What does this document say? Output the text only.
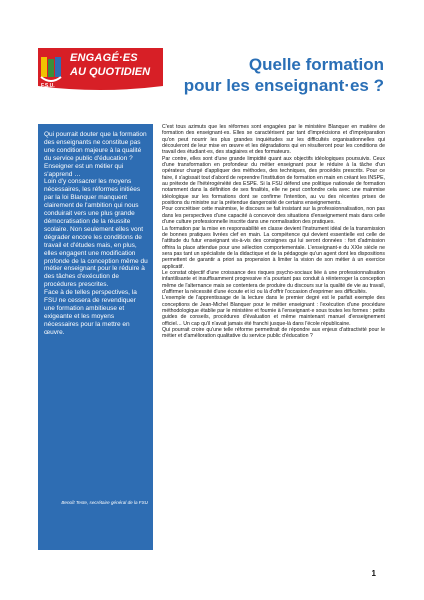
ENGAGÉ·ES
AU QUOTIDIEN
F.S.U.
Quelle formation
pour les enseignant·es ?

Qui pourrait douter que la formation des enseignants ne constitue pas une condition majeure à la qualité du service public d'éducation ?

Enseigner est un métier qui s'apprend …

Loin d'y consacrer les moyens nécessaires, les réformes initiées par la loi Blanquer manquent clairement de l'ambition qui nous conduirait vers une plus grande démocratisation de la réussite scolaire. Non seulement elles vont dégrader encore les conditions de travail et d'études mais, en plus, elles engagent une modification profonde de la conception même du métier enseignant pour le réduire à des tâches d'exécution de procédures prescrites.

Face à de telles perspectives, la FSU ne cessera de revendiquer une formation ambitieuse et exigeante et les moyens nécessaires pour la mettre en œuvre.

Benoît Teste, secrétaire général de la FSU

C'est tous azimuts que les réformes sont engagées par le ministère Blanquer en matière de formation des enseignant·es. Elles se caractérisent par tant d'imprécisions et d'impréparation qu'on peut nourrir les plus grandes inquiétudes sur les difficultés organisationnelles qui découleront de leur mise en œuvre et les dégradations qui en résulteront pour les conditions de travail des étudiant·es, des stagiaires et des formateurs.

Par contre, elles sont d'une grande limpidité quant aux objectifs idéologiques poursuivis. Ceux d'une transformation en profondeur du métier enseignant pour le réduire à la tâche d'un opérateur chargé d'appliquer des méthodes, des techniques, des procédés prescrits. Pour ce faire, il s'agissait tout d'abord de reprendre l'institution de formation en main en créant les INSPE, au prétexte de l'hétérogénéité des ESPE. Si la FSU défend une politique nationale de formation notamment dans la définition de ses finalités, elle ne peut confondre cela avec une mainmise idéologique sur les formations dont se confirme l'intention, au vu des récentes prises de positions du ministre sur la prétendue dangerosité de certains enseignements.

Pour concrétiser cette mainmise, le discours se fait insistant sur la professionnalisation, non pas dans les perspectives d'une capacité à concevoir des situations d'enseignement mais dans celle d'une culture professionnelle inscrite dans une normalisation des pratiques.

La formation par la mise en responsabilité en classe devient l'instrument idéal de la transmission de bonnes pratiques livrées clef en main. La compétence qui devient essentielle est celle de l'attitude du futur enseignant vis-à-vis des consignes qui lui seront données : fort d'admission offrira la place attendue pour une sélection comportementale. L'enseignant·e du XXIe siècle ne sera pas tant un spécialiste de la didactique et de la pédagogie qu'un agent dont les dispositions permettent de garantir a priori sa propension à limiter la vision de son métier à un exercice applicatif.

Le constat objectif d'une croissance des risques psycho-sociaux liée à une professionnalisation infantilisante et insuffisamment progressive n'a pourtant pas conduit à réinterroger la conception même de l'alternance mais se contentera de produire du discours sur la qualité de vie au travail, d'affirmer la nécessité d'une écoute et ici ou là d'offrir l'occasion d'exprimer ses difficultés.

L'exemple de l'apprentissage de la lecture dans le premier degré est le parfait exemple des conceptions de Jean-Michel Blanquer pour le métier enseignant : l'exécution d'une procédure méthodologique établie par le ministère et fournie à l'enseignant·e sous toutes les formes : petits guides de conseils, procédures d'évaluation et même maintenant manuel d'enseignement officiel… Un cap qu'il n'avait jamais été franchi jusque-là dans l'école républicaine.

Qui pourrait croire qu'une telle réforme permettrait de répondre aux enjeux d'attractivité pour le métier et d'amélioration qualitative du service public d'éducation ?

1
